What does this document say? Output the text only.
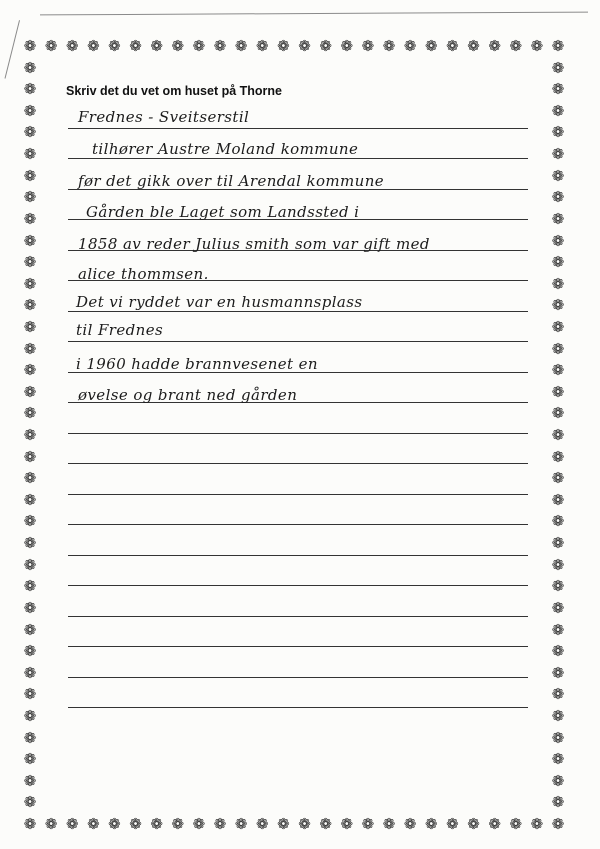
❁
❁
❁
❁
❁
❁
❁
❁
❁
❁
❁
❁
❁
❁
❁
❁
❁
❁
❁
❁
❁
❁
❁
❁
❁
❁
❁
❁
❁
❁
❁
❁
❁
❁
❁
❁
❁
❁
❁
❁
❁
❁
❁
❁
❁
❁
❁
❁
❁
❁
❁
❁
❁	❁
❁	❁
❁	❁
❁	❁
❁	❁
❁	❁
❁	❁
❁	❁
❁	❁
❁	❁
❁	❁
❁	❁
❁	❁
❁	❁
❁	❁
❁	❁
❁	❁
❁	❁
❁	❁
❁	❁
❁	❁
❁	❁
❁	❁
❁	❁
❁	❁
❁	❁
❁	❁
❁	❁
❁	❁
❁	❁
❁	❁
❁	❁
❁	❁
❁	❁
❁	❁
Skriv det du vet om huset på Thorne
Frednes - Sveitserstil
tilhører Austre Moland kommune
før det gikk over til Arendal kommune
Gården ble Laget som Landssted i
1858 av reder Julius smith som var gift med
alice thommsen.
Det vi ryddet var en husmannsplass
til Frednes
i 1960 hadde brannvesenet en
øvelse og brant ned gården
